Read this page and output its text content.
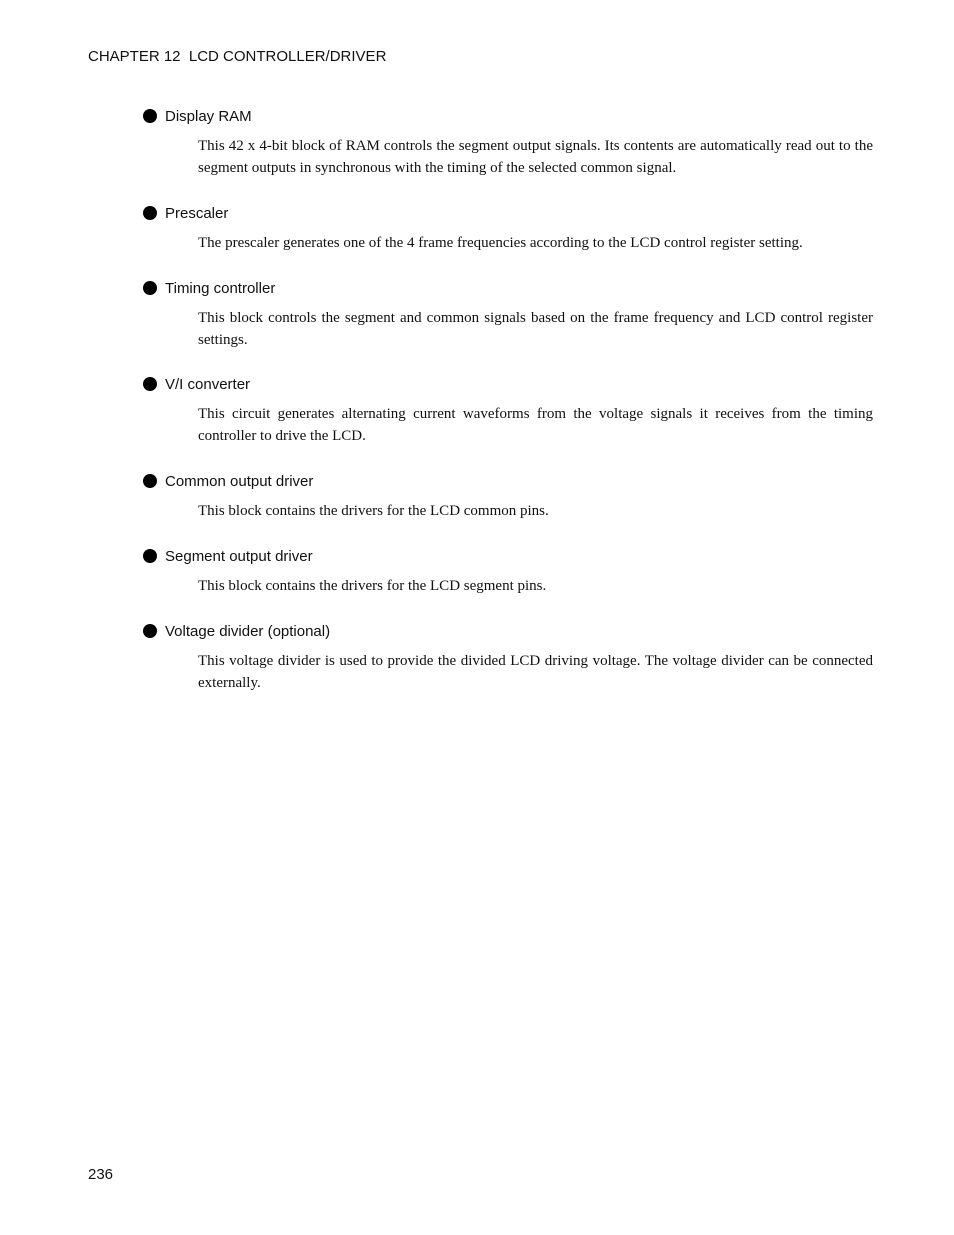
CHAPTER 12  LCD CONTROLLER/DRIVER
Display RAM
This 42 x 4-bit block of RAM controls the segment output signals. Its contents are automatically read out to the segment outputs in synchronous with the timing of the selected common signal.
Prescaler
The prescaler generates one of the 4 frame frequencies according to the LCD control register setting.
Timing controller
This block controls the segment and common signals based on the frame frequency and LCD control register settings.
V/I converter
This circuit generates alternating current waveforms from the voltage signals it receives from the timing controller to drive the LCD.
Common output driver
This block contains the drivers for the LCD common pins.
Segment output driver
This block contains the drivers for the LCD segment pins.
Voltage divider (optional)
This voltage divider is used to provide the divided LCD driving voltage. The voltage divider can be connected externally.
236
